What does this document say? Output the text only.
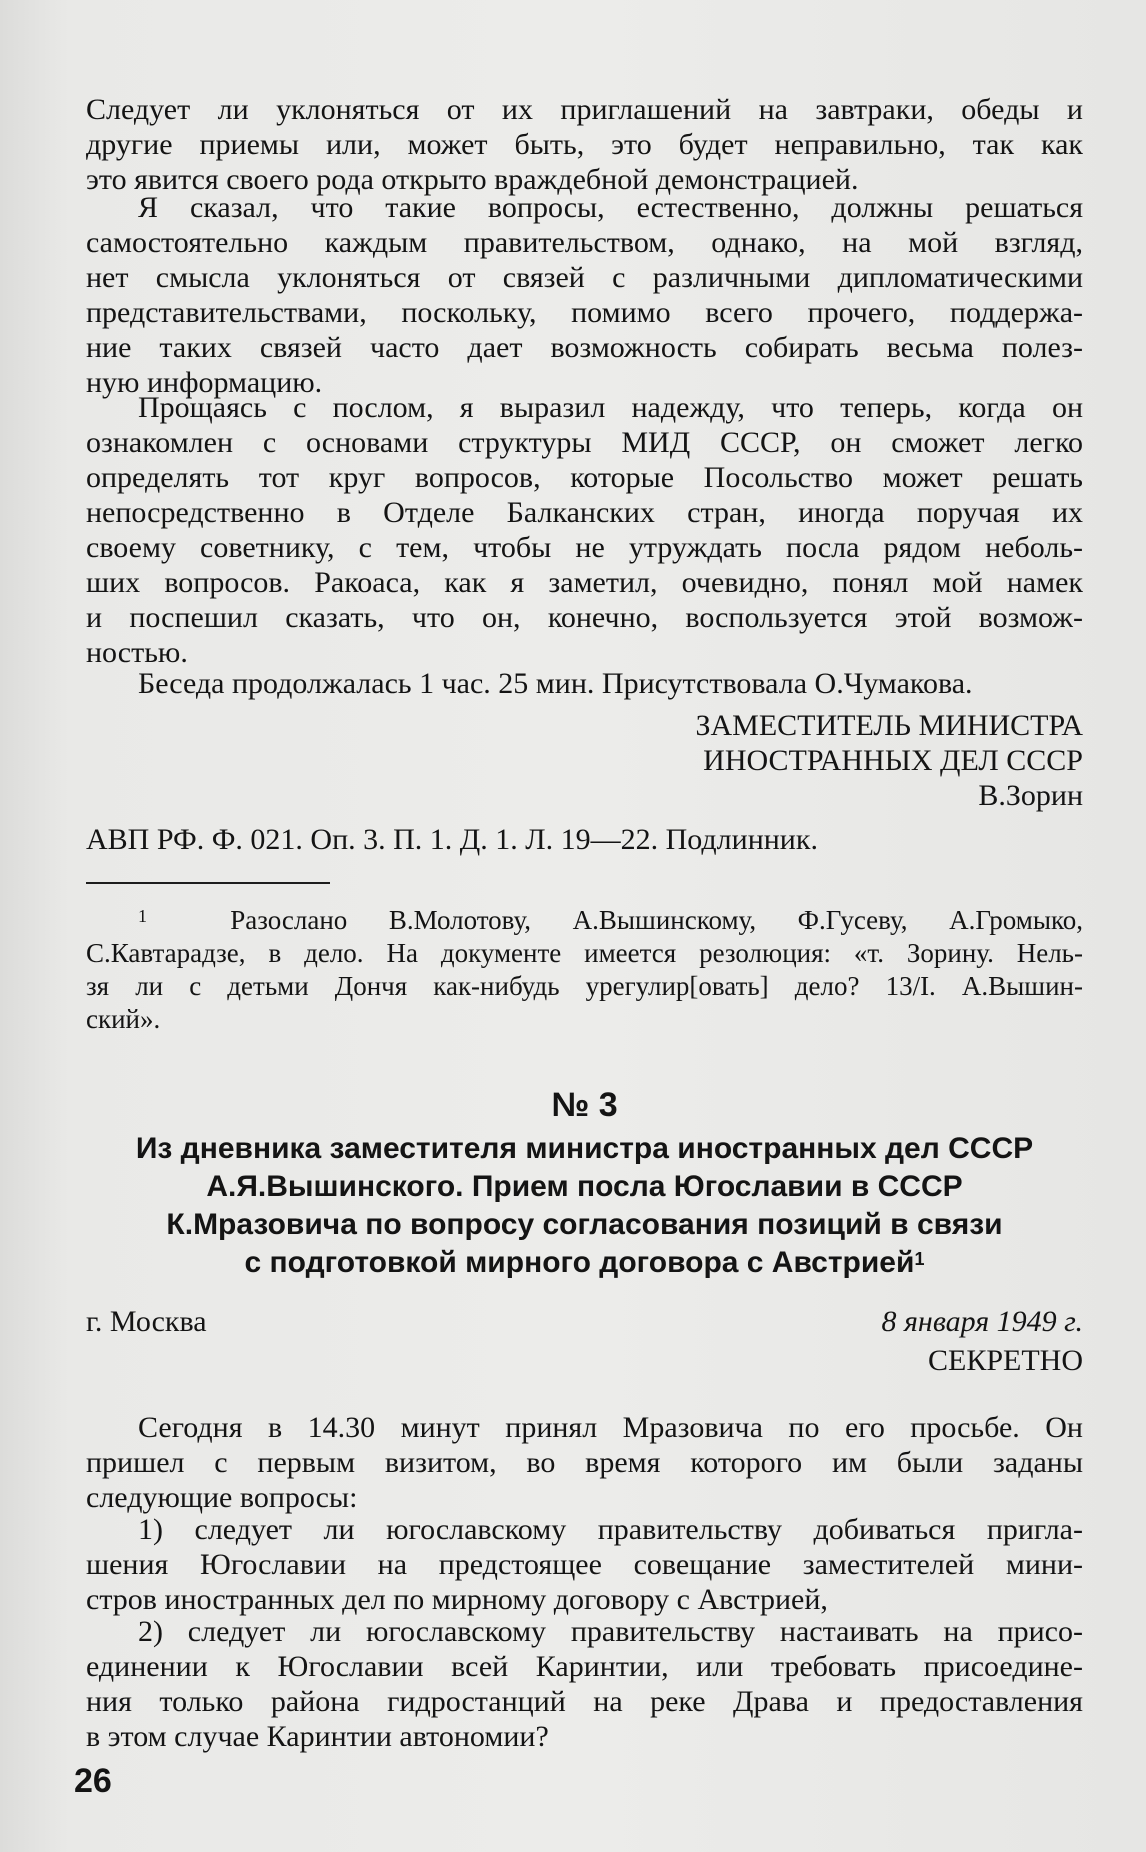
Следует ли уклоняться от их приглашений на завтраки, обеды и
другие приемы или, может быть, это будет неправильно, так как
это явится своего рода открыто враждебной демонстрацией.

Я сказал, что такие вопросы, естественно, должны решаться
самостоятельно каждым правительством, однако, на мой взгляд,
нет смысла уклоняться от связей с различными дипломатическими
представительствами, поскольку, помимо всего прочего, поддержа-
ние таких связей часто дает возможность собирать весьма полез-
ную информацию.

Прощаясь с послом, я выразил надежду, что теперь, когда он
ознакомлен с основами структуры МИД СССР, он сможет легко
определять тот круг вопросов, которые Посольство может решать
непосредственно в Отделе Балканских стран, иногда поручая их
своему советнику, с тем, чтобы не утруждать посла рядом неболь-
ших вопросов. Ракоаса, как я заметил, очевидно, понял мой намек
и поспешил сказать, что он, конечно, воспользуется этой возмож-
ностью.

Беседа продолжалась 1 час. 25 мин. Присутствовала О.Чумакова.

ЗАМЕСТИТЕЛЬ МИНИСТРА

ИНОСТРАННЫХ ДЕЛ СССР

В.Зорин

АВП РФ. Ф. 021. Оп. 3. П. 1. Д. 1. Л. 19—22. Подлинник.

$^1$	Разослано В.Молотову, А.Вышинскому, Ф.Гусеву, А.Громыко,
С.Кавтарадзе, в дело. На документе имеется резолюция: «т. Зорину. Нель-
зя ли с детьми Дончя как-нибудь урегулир[овать] дело? 13/I. А.Вышин-
ский».

№ 3

Из дневника заместителя министра иностранных дел СССР

А.Я.Вышинского. Прием посла Югославии в СССР

К.Мразовича по вопросу согласования позиций в связи

с подготовкой мирного договора с Австрией$^1$

г. Москва	8 января 1949 г.

СЕКРЕТНО

Сегодня в 14.30 минут принял Мразовича по его просьбе. Он
пришел с первым визитом, во время которого им были заданы
следующие вопросы:

1) следует ли югославскому правительству добиваться пригла-
шения Югославии на предстоящее совещание заместителей мини-
стров иностранных дел по мирному договору с Австрией,

2) следует ли югославскому правительству настаивать на присо-
единении к Югославии всей Каринтии, или требовать присоедине-
ния только района гидростанций на реке Драва и предоставления
в этом случае Каринтии автономии?

26
